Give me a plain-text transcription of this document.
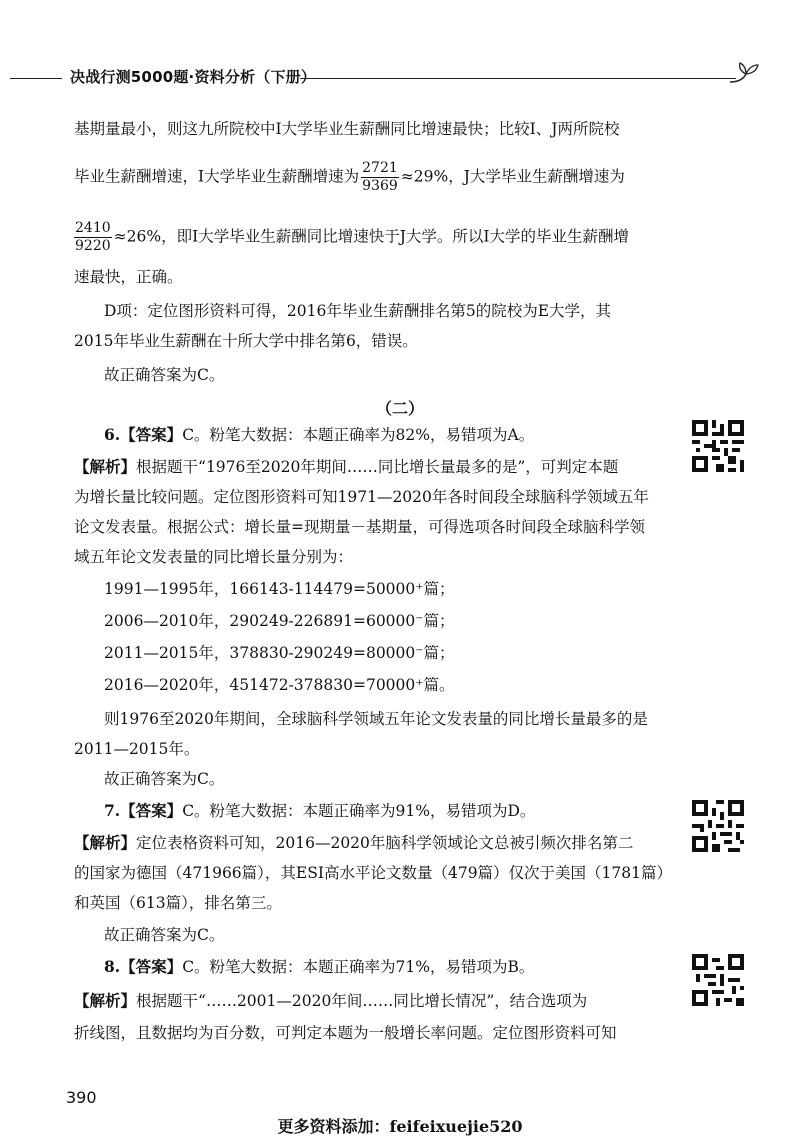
决战行测5000题·资料分析（下册）
基期量最小，则这九所院校中I大学毕业生薪酬同比增速最快；比较I、J两所院校
毕业生薪酬增速，I大学毕业生薪酬增速为 $\frac{2721}{9369} \approx 29\%$，J大学毕业生薪酬增速为
$\frac{2410}{9220} \approx 26\%$，即I大学毕业生薪酬同比增速快于J大学。所以I大学的毕业生薪酬增
速最快，正确。
D项：定位图形资料可得，2016年毕业生薪酬排名第5的院校为E大学，其
2015年毕业生薪酬在十所大学中排名第6，错误。
故正确答案为C。
（二）
6.【答案】C。粉笔大数据：本题正确率为82%，易错项为A。
【解析】根据题干“1976至2020年期间……同比增长量最多的是”，可判定本题
为增长量比较问题。定位图形资料可知1971—2020年各时间段全球脑科学领域五年
论文发表量。根据公式：增长量=现期量－基期量，可得选项各时间段全球脑科学领
域五年论文发表量的同比增长量分别为：
1991—1995年，166143-114479=50000⁺篇；
2006—2010年，290249-226891=60000⁻篇；
2011—2015年，378830-290249=80000⁻篇；
2016—2020年，451472-378830=70000⁺篇。
则1976至2020年期间，全球脑科学领域五年论文发表量的同比增长量最多的是
2011—2015年。
故正确答案为C。
7.【答案】C。粉笔大数据：本题正确率为91%，易错项为D。
【解析】定位表格资料可知，2016—2020年脑科学领域论文总被引频次排名第二
的国家为德国（471966篇），其ESI高水平论文数量（479篇）仅次于美国（1781篇）
和英国（613篇），排名第三。
故正确答案为C。
8.【答案】C。粉笔大数据：本题正确率为71%，易错项为B。
【解析】根据题干“……2001—2020年间……同比增长情况”，结合选项为
折线图，且数据均为百分数，可判定本题为一般增长率问题。定位图形资料可知
390
更多资料添加：feifeixuejie520
